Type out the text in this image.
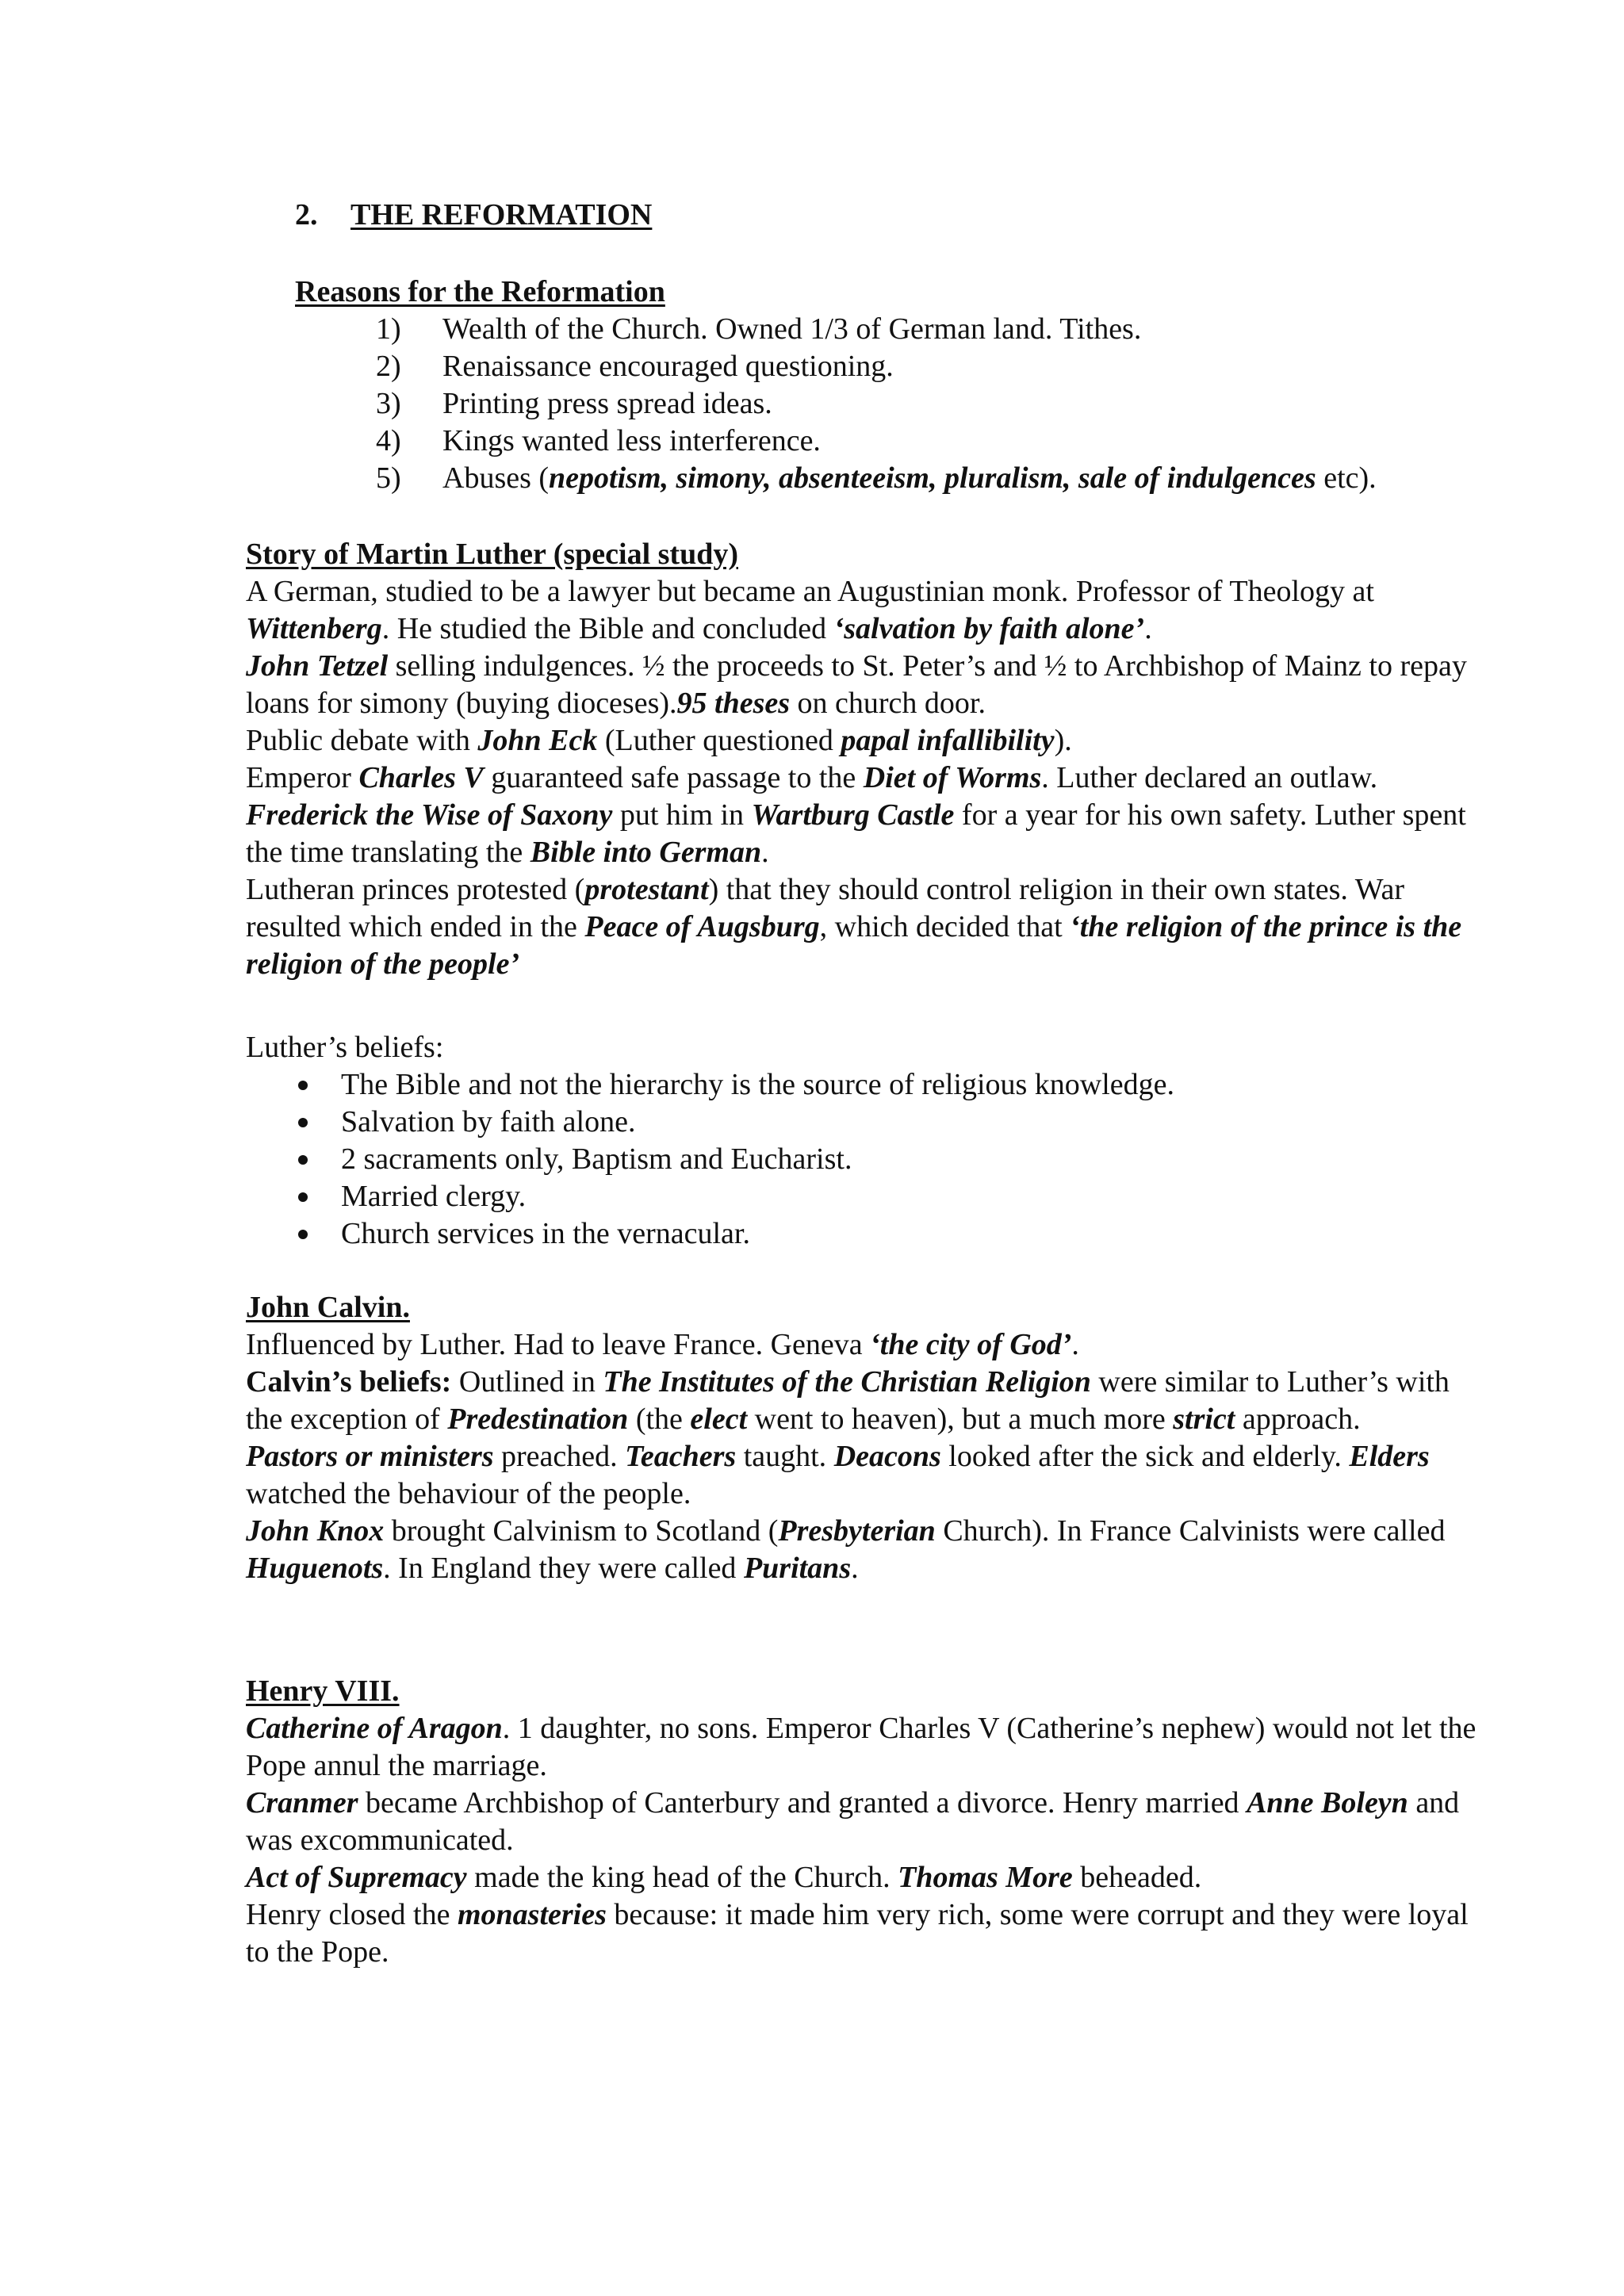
2. THE REFORMATION
Reasons for the Reformation
1) Wealth of the Church. Owned 1/3 of German land. Tithes.
2) Renaissance encouraged questioning.
3) Printing press spread ideas.
4) Kings wanted less interference.
5) Abuses (nepotism, simony, absenteeism, pluralism, sale of indulgences etc).
Story of Martin Luther (special study)

A German, studied to be a lawyer but became an Augustinian monk. Professor of Theology at Wittenberg. He studied the Bible and concluded ‘salvation by faith alone’.

John Tetzel selling indulgences. ½ the proceeds to St. Peter’s and ½ to Archbishop of Mainz to repay loans for simony (buying dioceses).95 theses on church door.

Public debate with John Eck (Luther questioned papal infallibility).

Emperor Charles V guaranteed safe passage to the Diet of Worms. Luther declared an outlaw. Frederick the Wise of Saxony put him in Wartburg Castle for a year for his own safety. Luther spent the time translating the Bible into German.

Lutheran princes protested (protestant) that they should control religion in their own states. War resulted which ended in the Peace of Augsburg, which decided that ‘the religion of the prince is the religion of the people’

Luther’s beliefs:

The Bible and not the hierarchy is the source of religious knowledge.
Salvation by faith alone.
2 sacraments only, Baptism and Eucharist.
Married clergy.
Church services in the vernacular.
John Calvin.

Influenced by Luther. Had to leave France. Geneva ‘the city of God’.

Calvin’s beliefs: Outlined in The Institutes of the Christian Religion were similar to Luther’s with the exception of Predestination (the elect went to heaven), but a much more strict approach.

Pastors or ministers preached. Teachers taught. Deacons looked after the sick and elderly. Elders watched the behaviour of the people.

John Knox brought Calvinism to Scotland (Presbyterian Church). In France Calvinists were called Huguenots. In England they were called Puritans.

Henry VIII.

Catherine of Aragon. 1 daughter, no sons. Emperor Charles V (Catherine’s nephew) would not let the Pope annul the marriage.

Cranmer became Archbishop of Canterbury and granted a divorce. Henry married Anne Boleyn and was excommunicated.

Act of Supremacy made the king head of the Church. Thomas More beheaded.

Henry closed the monasteries because: it made him very rich, some were corrupt and they were loyal to the Pope.
